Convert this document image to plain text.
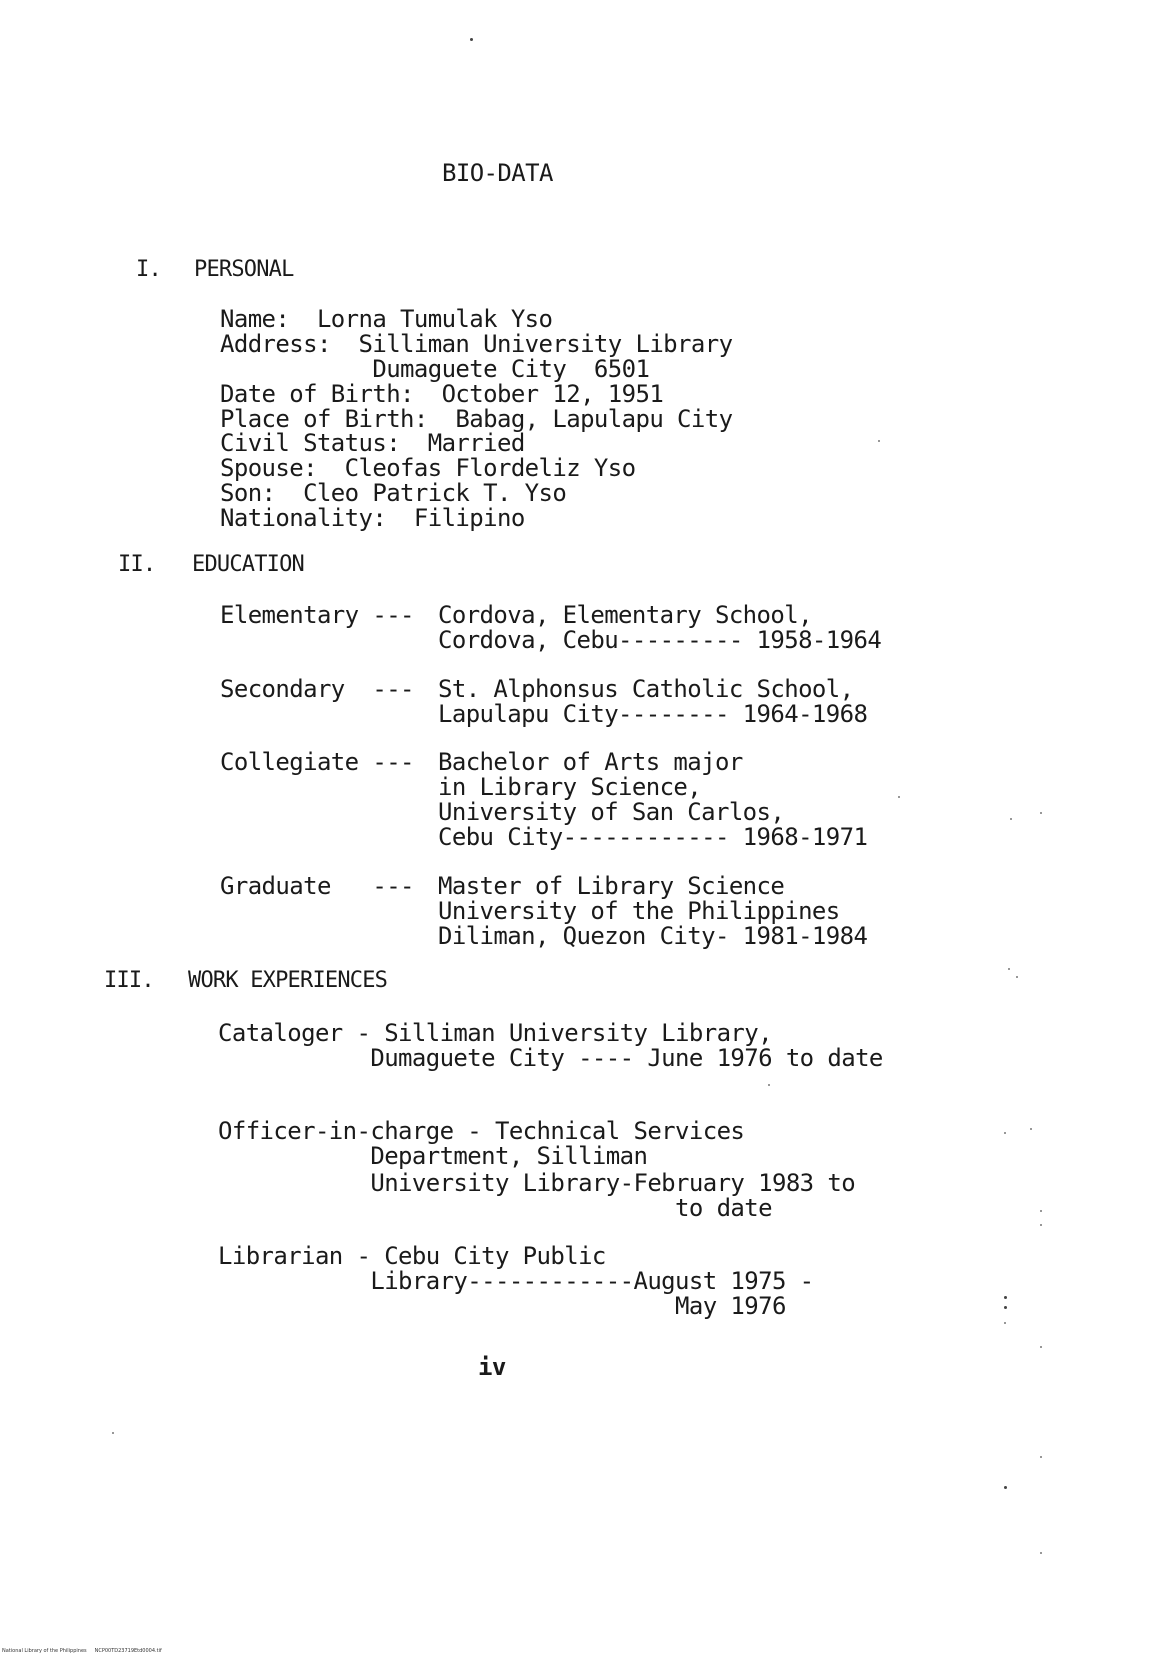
BIO-DATA
I. PERSONAL
Name:  Lorna Tumulak Yso
Address:  Silliman University Library
Dumaguete City  6501
Date of Birth:  October 12, 1951
Place of Birth:  Babag, Lapulapu City
Civil Status:  Married
Spouse:  Cleofas Flordeliz Yso
Son:  Cleo Patrick T. Yso
Nationality:  Filipino
II. EDUCATION
Elementary --- Cordova, Elementary School,
Cordova, Cebu--------- 1958-1964
Secondary  --- St. Alphonsus Catholic School,
Lapulapu City-------- 1964-1968
Collegiate --- Bachelor of Arts major
in Library Science,
University of San Carlos,
Cebu City------------ 1968-1971
Graduate   --- Master of Library Science
University of the Philippines
Diliman, Quezon City- 1981-1984
III. WORK EXPERIENCES
Cataloger - Silliman University Library,
Dumaguete City ---- June 1976 to date
Officer-in-charge - Technical Services
Department, Silliman
University Library-February 1983 to
to date
Librarian - Cebu City Public
Library------------August 1975 -
May 1976
iv
National Library of the Philippines     NCP00TD23719Etd0004.tif
